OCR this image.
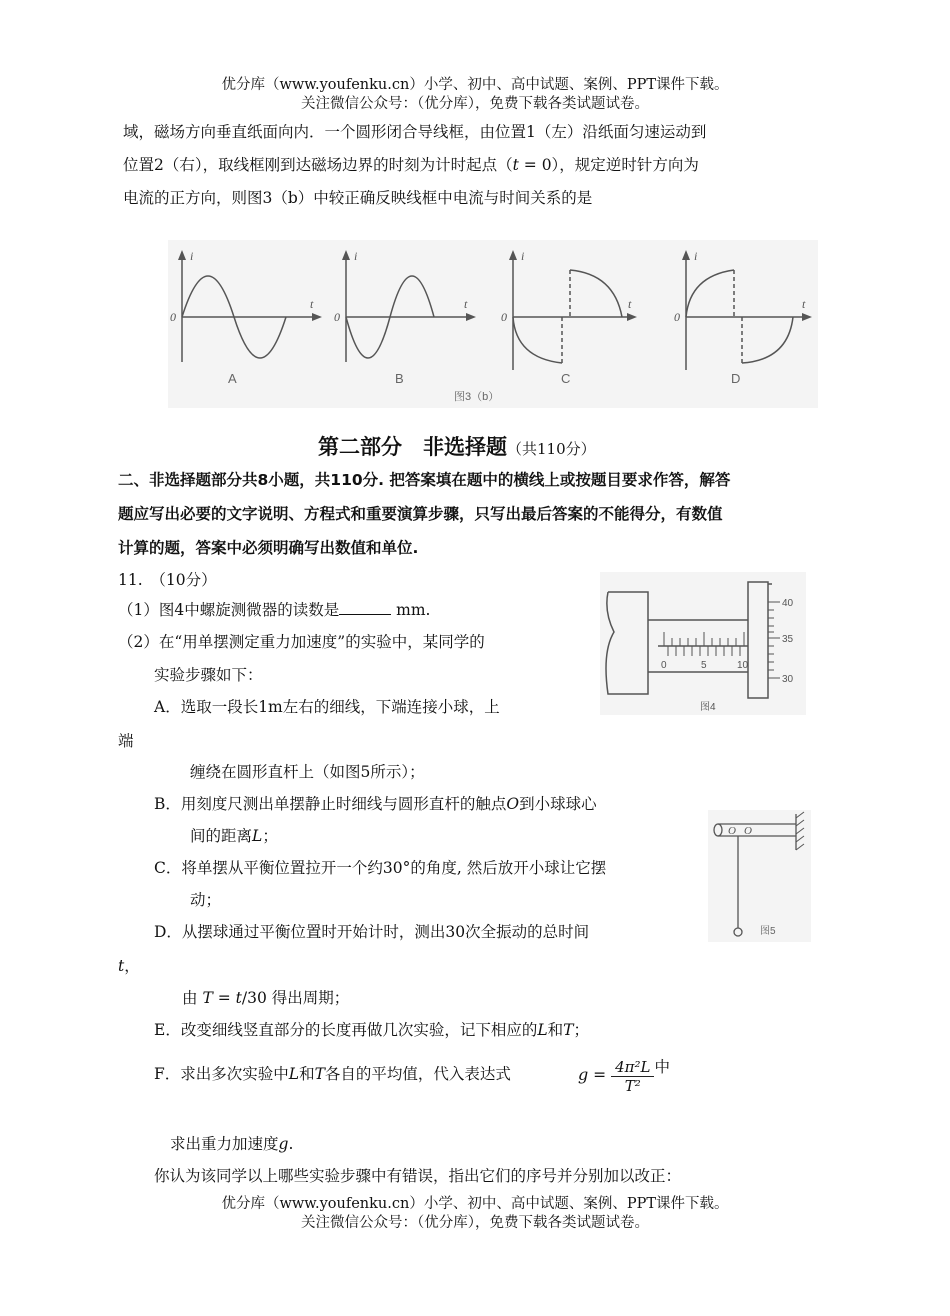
优分库（www.youfenku.cn）小学、初中、高中试题、案例、PPT课件下载。
关注微信公众号：（优分库），免费下载各类试题试卷。
域，磁场方向垂直纸面向内．一个圆形闭合导线框，由位置1（左）沿纸面匀速运动到
位置2（右），取线框刚到达磁场边界的时刻为计时起点（t = 0），规定逆时针方向为
电流的正方向，则图3（b）中较正确反映线框中电流与时间关系的是
i
t
0
i
t
0
i
t
0
i
t
0
A	B	C	D
图3（b）
第二部分　非选择题（共110分）
二、非选择题部分共8小题，共110分. 把答案填在题中的横线上或按题目要求作答，解答
题应写出必要的文字说明、方程式和重要演算步骤，只写出最后答案的不能得分，有数值
计算的题，答案中必须明确写出数值和单位.
11.　（10分）
（1）图4中螺旋测微器的读数是	mm.
（2）在“用单摆测定重力加速度”的实验中，某同学的
实验步骤如下：
A．选取一段长1m左右的细线，下端连接小球，上
端
缠绕在圆形直杆上（如图5所示）；
B．用刻度尺测出单摆静止时细线与圆形直杆的触点O到小球球心
间的距离L；
C．将单摆从平衡位置拉开一个约30°的角度, 然后放开小球让它摆
动；
D．从摆球通过平衡位置时开始计时，测出30次全振动的总时间
t，
由 T = t/30 得出周期；
E．改变细线竖直部分的长度再做几次实验，记下相应的L和T；
F．求出多次实验中L和T各自的平均值，代入表达式	$g = \frac{\text{4π²L}}{\text{T²}}$ 中
求出重力加速度g.
你认为该同学以上哪些实验步骤中有错误，指出它们的序号并分别加以改正：
40
35
30
0	5	10
图4
O O
图5
优分库（www.youfenku.cn）小学、初中、高中试题、案例、PPT课件下载。
关注微信公众号：（优分库），免费下载各类试题试卷。
